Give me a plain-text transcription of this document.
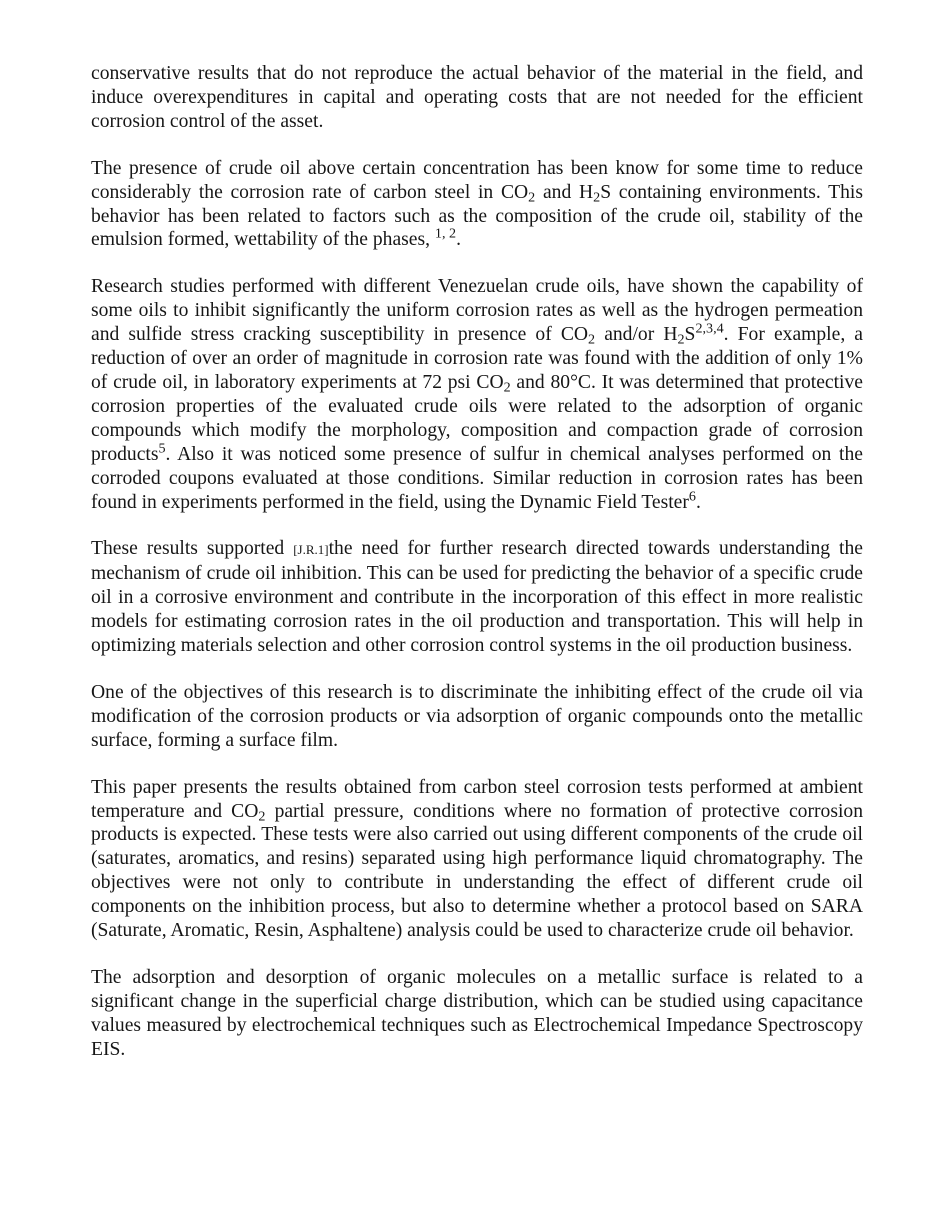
conservative results that do not reproduce the actual behavior of the material in the field, and induce overexpenditures in capital and operating costs that are not needed for the efficient corrosion control of the asset.

The presence of crude oil above certain concentration has been know for some time to reduce considerably the corrosion rate of carbon steel in $CO_2$ and $H_2S$ containing environments. This behavior has been related to factors such as the composition of the crude oil, stability of the emulsion formed, wettability of the phases, $^{1, 2}$.

Research studies performed with different Venezuelan crude oils, have shown the capability of some oils to inhibit significantly the uniform corrosion rates as well as the hydrogen permeation and sulfide stress cracking susceptibility in presence of $CO_2$ and/or $H_2S^{2,3,4}$. For example, a reduction of over an order of magnitude in corrosion rate was found with the addition of only 1% of crude oil, in laboratory experiments at 72 psi $CO_2$ and 80°C. It was determined that protective corrosion properties of the evaluated crude oils were related to the adsorption of organic compounds which modify the morphology, composition and compaction grade of corrosion products$^5$. Also it was noticed some presence of sulfur in chemical analyses performed on the corroded coupons evaluated at those conditions. Similar reduction in corrosion rates has been found in experiments performed in the field, using the Dynamic Field Tester$^6$.

These results supported [J.R.1]the need for further research directed towards understanding the mechanism of crude oil inhibition. This can be used for predicting the behavior of a specific crude oil in a corrosive environment and contribute in the incorporation of this effect in more realistic models for estimating corrosion rates in the oil production and transportation. This will help in optimizing materials selection and other corrosion control systems in the oil production business.

One of the objectives of this research is to discriminate the inhibiting effect of the crude oil via modification of the corrosion products or via adsorption of organic compounds onto the metallic surface, forming a surface film.

This paper presents the results obtained from carbon steel corrosion tests performed at ambient temperature and $CO_2$ partial pressure, conditions where no formation of protective corrosion products is expected. These tests were also carried out using different components of the crude oil (saturates, aromatics, and resins) separated using high performance liquid chromatography. The objectives were not only to contribute in understanding the effect of different crude oil components on the inhibition process, but also to determine whether a protocol based on SARA (Saturate, Aromatic, Resin, Asphaltene) analysis could be used to characterize crude oil behavior.

The adsorption and desorption of organic molecules on a metallic surface is related to a significant change in the superficial charge distribution, which can be studied using capacitance values measured by electrochemical techniques such as Electrochemical Impedance Spectroscopy EIS.
